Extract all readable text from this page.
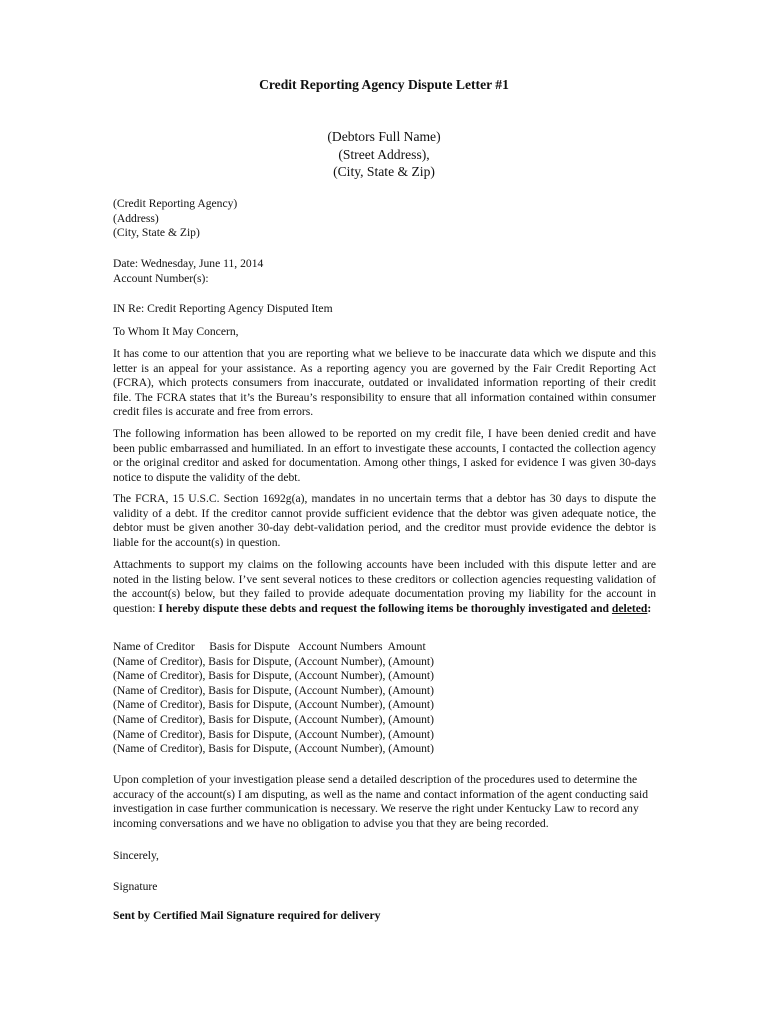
Credit Reporting Agency Dispute Letter #1

(Debtors Full Name)
(Street Address),
(City, State & Zip)
(Credit Reporting Agency)
(Address)
(City, State & Zip)
Date: Wednesday, June 11, 2014
Account Number(s):

IN Re: Credit Reporting Agency Disputed Item

To Whom It May Concern,

It has come to our attention that you are reporting what we believe to be inaccurate data which we dispute and this letter is an appeal for your assistance. As a reporting agency you are governed by the Fair Credit Reporting Act (FCRA), which protects consumers from inaccurate, outdated or invalidated information reporting of their credit file. The FCRA states that it’s the Bureau’s responsibility to ensure that all information contained within consumer credit files is accurate and free from errors.

The following information has been allowed to be reported on my credit file, I have been denied credit and have been public embarrassed and humiliated. In an effort to investigate these accounts, I contacted the collection agency or the original creditor and asked for documentation. Among other things, I asked for evidence I was given 30-days notice to dispute the validity of the debt.

The FCRA, 15 U.S.C. Section 1692g(a), mandates in no uncertain terms that a debtor has 30 days to dispute the validity of a debt. If the creditor cannot provide sufficient evidence that the debtor was given adequate notice, the debtor must be given another 30-day debt-validation period, and the creditor must provide evidence the debtor is liable for the account(s) in question.

Attachments to support my claims on the following accounts have been included with this dispute letter and are noted in the listing below. I’ve sent several notices to these creditors or collection agencies requesting validation of the account(s) below, but they failed to provide adequate documentation proving my liability for the account in question: I hereby dispute these debts and request the following items be thoroughly investigated and deleted:

Name of Creditor     Basis for Dispute   Account Numbers  Amount
(Name of Creditor), Basis for Dispute, (Account Number), (Amount)
(Name of Creditor), Basis for Dispute, (Account Number), (Amount)
(Name of Creditor), Basis for Dispute, (Account Number), (Amount)
(Name of Creditor), Basis for Dispute, (Account Number), (Amount)
(Name of Creditor), Basis for Dispute, (Account Number), (Amount)
(Name of Creditor), Basis for Dispute, (Account Number), (Amount)
(Name of Creditor), Basis for Dispute, (Account Number), (Amount)

Upon completion of your investigation please send a detailed description of the procedures used to determine the accuracy of the account(s) I am disputing, as well as the name and contact information of the agent conducting said investigation in case further communication is necessary. We reserve the right under Kentucky Law to record any incoming conversations and we have no obligation to advise you that they are being recorded.

Sincerely,

Signature

Sent by Certified Mail Signature required for delivery
